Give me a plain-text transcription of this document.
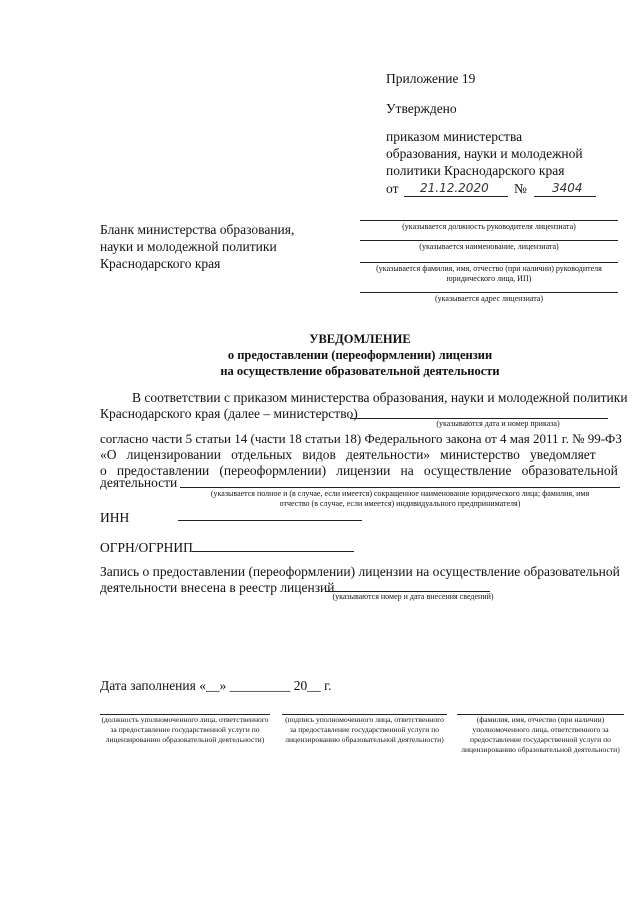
Приложение 19
Утверждено
приказом министерства
образования, науки и молодежной
политики Краснодарского края
от 21.12.2020 № 3404
Бланк министерства образования,
науки и молодежной политики
Краснодарского края
(указывается должность руководителя лицензиата)
(указывается наименование, лицензиата)
(указывается фамилия, имя, отчество (при наличии) руководителя
юридического лица, ИП)
(указывается адрес лицензиата)
УВЕДОМЛЕНИЕ
о предоставлении (переоформлении) лицензии
на осуществление образовательной деятельности
В соответствии с приказом министерства образования, науки и молодежной политики
Краснодарского края (далее – министерство)
(указываются дата и номер приказа)
согласно части 5 статьи 14 (части 18 статьи 18) Федерального закона от 4 мая 2011 г. № 99-ФЗ
«О   лицензировании   отдельных   видов   деятельности»   министерство   уведомляет
о   предоставлении   (переоформлении)   лицензии   на   осуществление   образовательной
деятельности
(указывается полное и (в случае, если имеется) сокращенное наименование юридического лица; фамилия, имя
отчество (в случае, если имеется) индивидуального предпринимателя)
ИНН
ОГРН/ОГРНИП
Запись о предоставлении (переоформлении) лицензии на осуществление образовательной
деятельности внесена в реестр лицензий
(указываются номер и дата внесения сведений)
Дата заполнения «__» _________ 20__ г.
(должность уполномоченного лица, ответственного за предоставление государственной услуги по лицензированию образовательной деятельности)
(подпись уполномоченного лица, ответственного за предоставление государственной услуги по лицензированию образовательной деятельности)
(фамилия, имя, отчество (при наличии) уполномоченного лица, ответственного за предоставление государственной услуги по лицензированию образовательной деятельности)
